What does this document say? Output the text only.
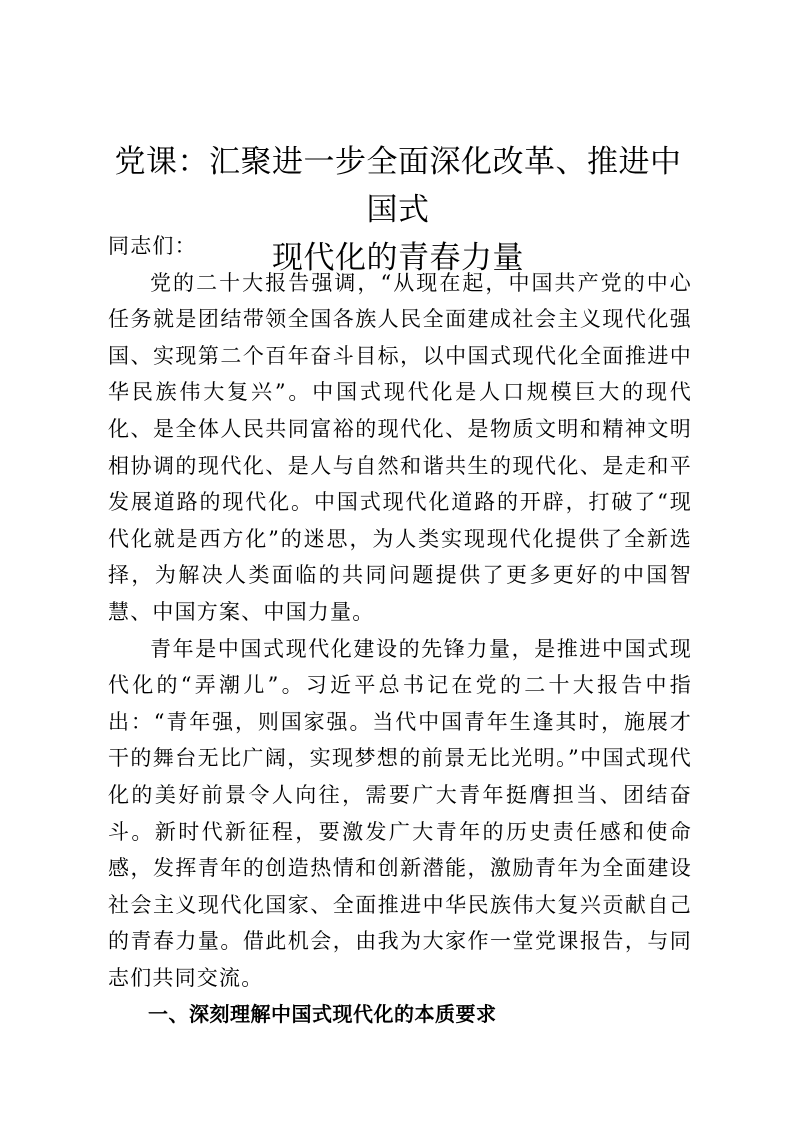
党课：汇聚进一步全面深化改革、推进中国式
现代化的青春力量

同志们：

党的二十大报告强调，“从现在起，中国共产党的中心任务就是团结带领全国各族人民全面建成社会主义现代化强国、实现第二个百年奋斗目标，以中国式现代化全面推进中华民族伟大复兴”。中国式现代化是人口规模巨大的现代化、是全体人民共同富裕的现代化、是物质文明和精神文明相协调的现代化、是人与自然和谐共生的现代化、是走和平发展道路的现代化。中国式现代化道路的开辟，打破了“现代化就是西方化”的迷思，为人类实现现代化提供了全新选择，为解决人类面临的共同问题提供了更多更好的中国智慧、中国方案、中国力量。

青年是中国式现代化建设的先锋力量，是推进中国式现代化的“弄潮儿”。习近平总书记在党的二十大报告中指出：“青年强，则国家强。当代中国青年生逢其时，施展才干的舞台无比广阔，实现梦想的前景无比光明。”中国式现代化的美好前景令人向往，需要广大青年挺膺担当、团结奋斗。新时代新征程，要激发广大青年的历史责任感和使命感，发挥青年的创造热情和创新潜能，激励青年为全面建设社会主义现代化国家、全面推进中华民族伟大复兴贡献自己的青春力量。借此机会，由我为大家作一堂党课报告，与同志们共同交流。

一、深刻理解中国式现代化的本质要求
